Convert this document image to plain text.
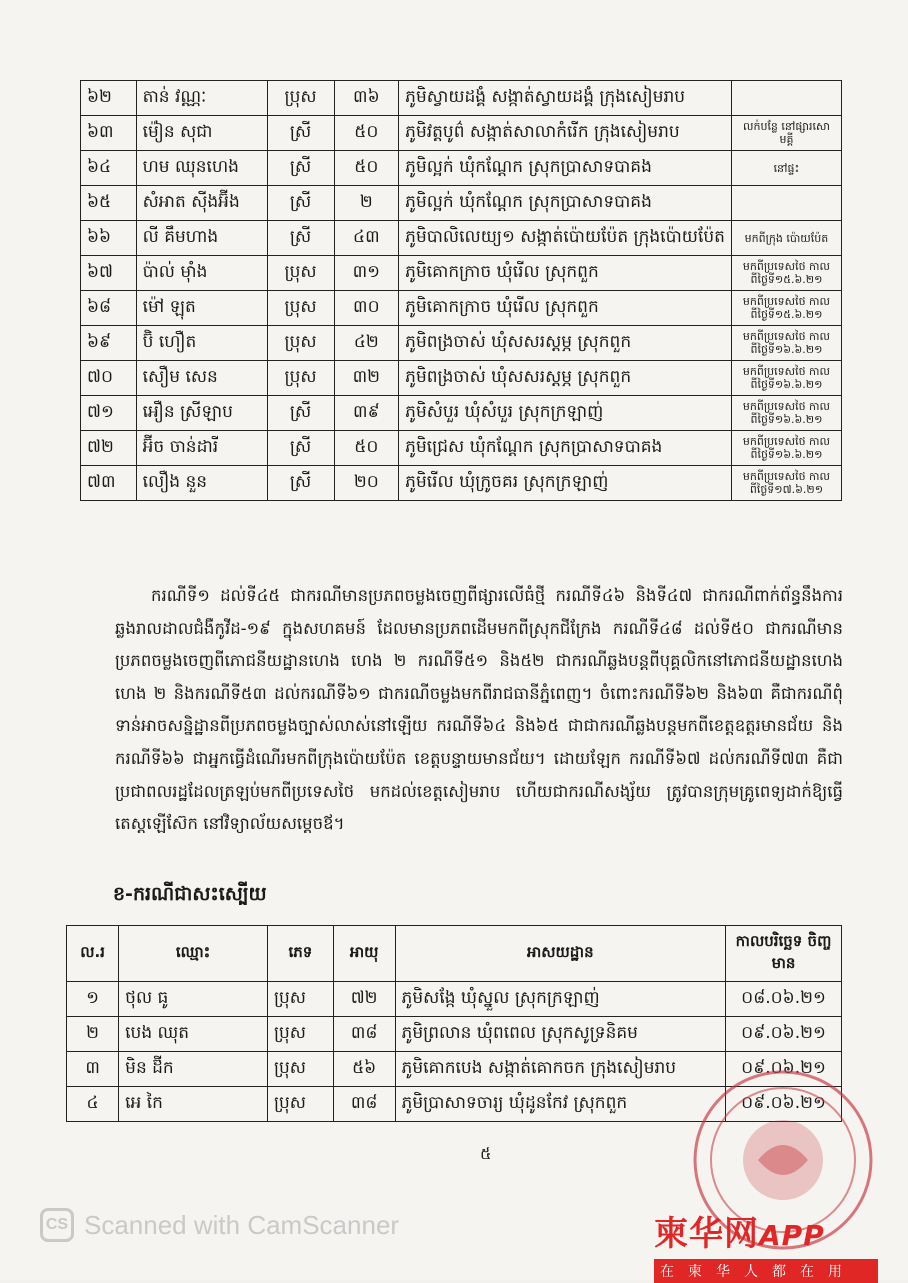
៦២	តាន់ វណ្ណៈ	ប្រុស	៣៦	ភូមិស្វាយដង្គំ សង្កាត់ស្វាយដង្គំ ក្រុងសៀមរាប	
៦៣	ម៉ៀន សុជា	ស្រី	៥០	ភូមិវត្តបូព៌ សង្កាត់សាលាកំរើក ក្រុងសៀមរាប	លក់បន្លែ នៅផ្សារសោមគ្គី
៦៤	ហម ឈុនហេង	ស្រី	៥០	ភូមិល្អក់ ឃុំកណ្តែក ស្រុកប្រាសាទបាគង	នៅផ្ទះ
៦៥	សំអាត ស៊ីងអ៊ីង	ស្រី	២	ភូមិល្អក់ ឃុំកណ្តែក ស្រុកប្រាសាទបាគង	
៦៦	លី គឹមហាង	ស្រី	៤៣	ភូមិបាលិលេយ្យ១ សង្កាត់ប៉ោយប៉ែត ក្រុងប៉ោយប៉ែត	មកពីក្រុង ប៉ោយប៉ែត
៦៧	ប៉ាល់ ម៉ាំង	ប្រុស	៣១	ភូមិគោកក្រាច ឃុំរើល ស្រុកពួក	មកពីប្រទេសថៃ កាល ពីថ្ងៃទី១៥.៦.២១
៦៨	ម៉ៅ ឡុត	ប្រុស	៣០	ភូមិគោកក្រាច ឃុំរើល ស្រុកពួក	មកពីប្រទេសថៃ កាល ពីថ្ងៃទី១៥.៦.២១
៦៩	ប៊ិ ហឿត	ប្រុស	៤២	ភូមិពង្រចាស់ ឃុំសសរស្តម្ភ ស្រុកពួក	មកពីប្រទេសថៃ កាល ពីថ្ងៃទី១៦.៦.២១
៧០	សឿម សេន	ប្រុស	៣២	ភូមិពង្រចាស់ ឃុំសសរស្តម្ភ ស្រុកពួក	មកពីប្រទេសថៃ កាល ពីថ្ងៃទី១៦.៦.២១
៧១	អឿន ស្រីឡាប	ស្រី	៣៩	ភូមិសំបួរ ឃុំសំបួរ ស្រុកក្រឡាញ់	មកពីប្រទេសថៃ កាល ពីថ្ងៃទី១៦.៦.២១
៧២	អ៊ីច ចាន់ដារី	ស្រី	៥០	ភូមិជ្រេស ឃុំកណ្តែក ស្រុកប្រាសាទបាគង	មកពីប្រទេសថៃ កាល ពីថ្ងៃទី១៦.៦.២១
៧៣	លឿង នួន	ស្រី	២០	ភូមិរើល ឃុំក្រូចគរ ស្រុកក្រឡាញ់	មកពីប្រទេសថៃ កាល ពីថ្ងៃទី១៧.៦.២១
ករណីទី១ ដល់ទី៤៥ ជាករណីមានប្រភពចម្លងចេញពីផ្សារលើធំថ្មី ករណីទី៤៦ និងទី៤៧ ជាករណីពាក់ព័ន្ធនឹងការឆ្លងរាលដាលជំងឺកូវីដ-១៩ ក្នុងសហគមន៍ ដែលមានប្រភពដើមមកពីស្រុកជីក្រែង ករណីទី៤៨ ដល់ទី៥០ ជាករណីមានប្រភពចម្លងចេញពីភោជនីយដ្ឋានហេង ហេង ២ ករណីទី៥១ និង៥២ ជាករណីឆ្លងបន្តពីបុគ្គលិកនៅភោជនីយដ្ឋានហេង ហេង ២ និងករណីទី៥៣ ដល់ករណីទី៦១ ជាករណីចម្លងមកពីរាជធានីភ្នំពេញ។ ចំពោះករណីទី៦២ និង៦៣ គឺជាករណីពុំទាន់អាចសន្និដ្ឋានពីប្រភពចម្លងច្បាស់លាស់នៅឡើយ ករណីទី៦៤ និង៦៥ ជាជាករណីឆ្លងបន្តមកពីខេត្តឧត្តរមានជ័យ និងករណីទី៦៦ ជាអ្នកធ្វើដំណើរមកពីក្រុងប៉ោយប៉ែត ខេត្តបន្ទាយមានជ័យ។ ដោយឡែក ករណីទី៦៧ ដល់ករណីទី៧៣ គឺជាប្រជាពលរដ្ឋដែលត្រឡប់មកពីប្រទេសថៃ មកដល់ខេត្តសៀមរាប ហើយជាករណីសង្ស័យ ត្រូវបានក្រុមគ្រូពេទ្យដាក់ឱ្យធ្វើតេស្តឡើស៊ែក នៅវិទ្យាល័យសម្តេចឪ។
ខ-ករណីជាសះស្បើយ
ល.រ	ឈ្មោះ	ភេទ	អាយុ	អាសយដ្ឋាន	កាលបរិច្ឆេទ ចិញ្ចមាន
១	ថុល ធូ	ប្រុស	៧២	ភូមិសង្កែ ឃុំស្នួល ស្រុកក្រឡាញ់	០៨.០៦.២១
២	បេង ឈុត	ប្រុស	៣៨	ភូមិព្រលាន ឃុំពពេល ស្រុកសូទ្រនិគម	០៩.០៦.២១
៣	មិន ដ៊ីក	ប្រុស	៥៦	ភូមិគោកបេង សង្កាត់គោកចក ក្រុងសៀមរាប	០៩.០៦.២១
៤	អេ កៃ	ប្រុស	៣៨	ភូមិប្រាសាទចារ្យ ឃុំដូនកែវ ស្រុកពួក	០៩.០៦.២១
៥
CS Scanned with CamScanner	柬华网APP
在柬华人都在用
